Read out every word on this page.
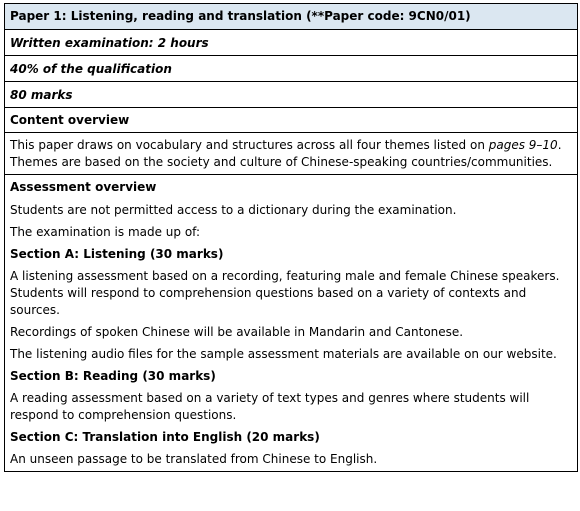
Paper 1: Listening, reading and translation (**Paper code: 9CN0/01)
Written examination: 2 hours
40% of the qualification
80 marks
Content overview

This paper draws on vocabulary and structures across all four themes listed on pages 9–10. Themes are based on the society and culture of Chinese-speaking countries/communities.

Assessment overview

Students are not permitted access to a dictionary during the examination.

The examination is made up of:

Section A: Listening (30 marks)

A listening assessment based on a recording, featuring male and female Chinese speakers. Students will respond to comprehension questions based on a variety of contexts and sources.

Recordings of spoken Chinese will be available in Mandarin and Cantonese.

The listening audio files for the sample assessment materials are available on our website.

Section B: Reading (30 marks)

A reading assessment based on a variety of text types and genres where students will respond to comprehension questions.

Section C: Translation into English (20 marks)

An unseen passage to be translated from Chinese to English.
